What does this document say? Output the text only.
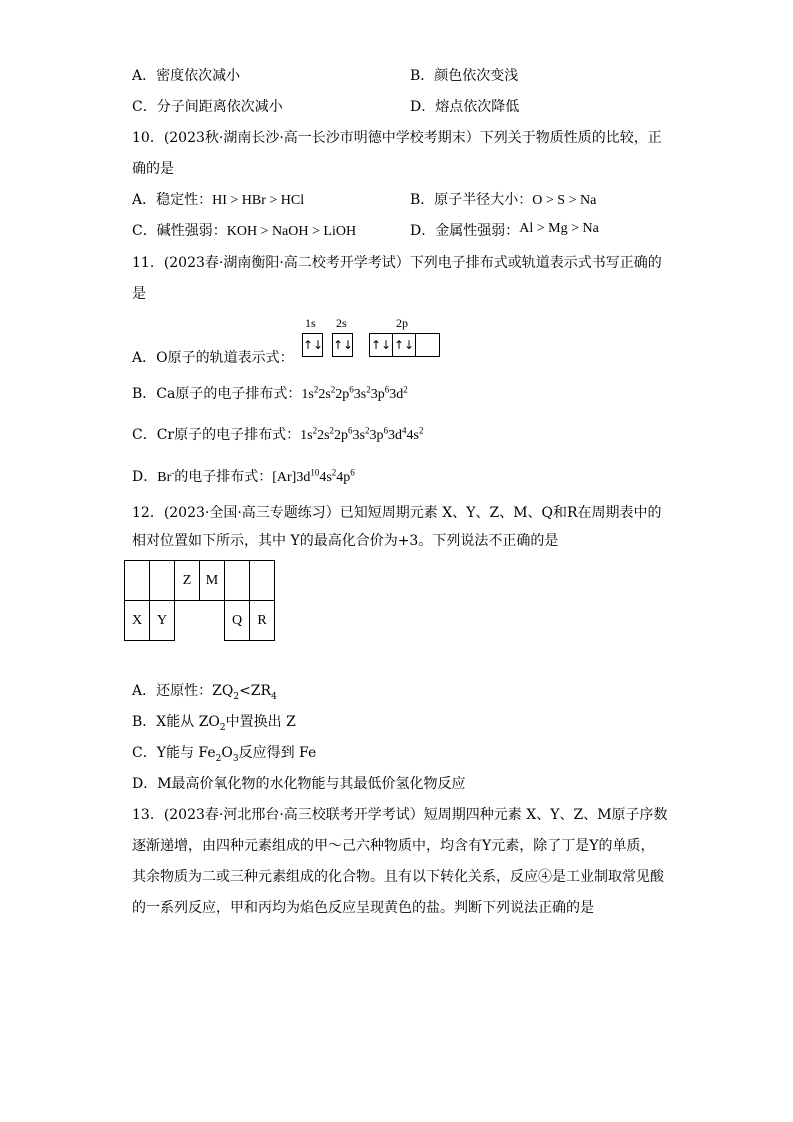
A．密度依次减小	B．颜色依次变浅
C．分子间距离依次减小	D．熔点依次降低
10．(2023秋·湖南长沙·高一长沙市明德中学校考期末）下列关于物质性质的比较，正
确的是
A．稳定性：HI > HBr > HCl	B．原子半径大小：O > S > Na
C．碱性强弱：KOH > NaOH > LiOH	D．金属性强弱：Al > Mg > Na
11．(2023春·湖南衡阳·高二校考开学考试）下列电子排布式或轨道表示式书写正确的
是
1s 2s	2p
A．O原子的轨道表示式：
↑↓ ↑↓ ↑↓ ↑↓
B．Ca原子的电子排布式：$1s^22s^22p^63s^23p^63d^2$
C．Cr原子的电子排布式：$1s^22s^22p^63s^23p^63d^44s^2$
D．Br-的电子排布式：$[Ar]3d^{10}4s^24p^6$
12．(2023·全国·高三专题练习）已知短周期元素 X、Y、Z、M、Q和R在周期表中的
相对位置如下所示，其中 Y的最高化合价为+3。下列说法不正确的是
		Z	M		
X	Y			Q	R
A．还原性：$ZQ_2<ZR_4$
B．X能从 $ZO_2$中置换出 Z
C．Y能与 $Fe_2O_3$反应得到 Fe
D．M最高价氧化物的水化物能与其最低价氢化物反应
13．(2023春·河北邢台·高三校联考开学考试）短周期四种元素 X、Y、Z、M原子序数
逐渐递增，由四种元素组成的甲～己六种物质中，均含有Y元素，除了丁是Y的单质，
其余物质为二或三种元素组成的化合物。且有以下转化关系，反应④是工业制取常见酸
的一系列反应，甲和丙均为焰色反应呈现黄色的盐。判断下列说法正确的是
